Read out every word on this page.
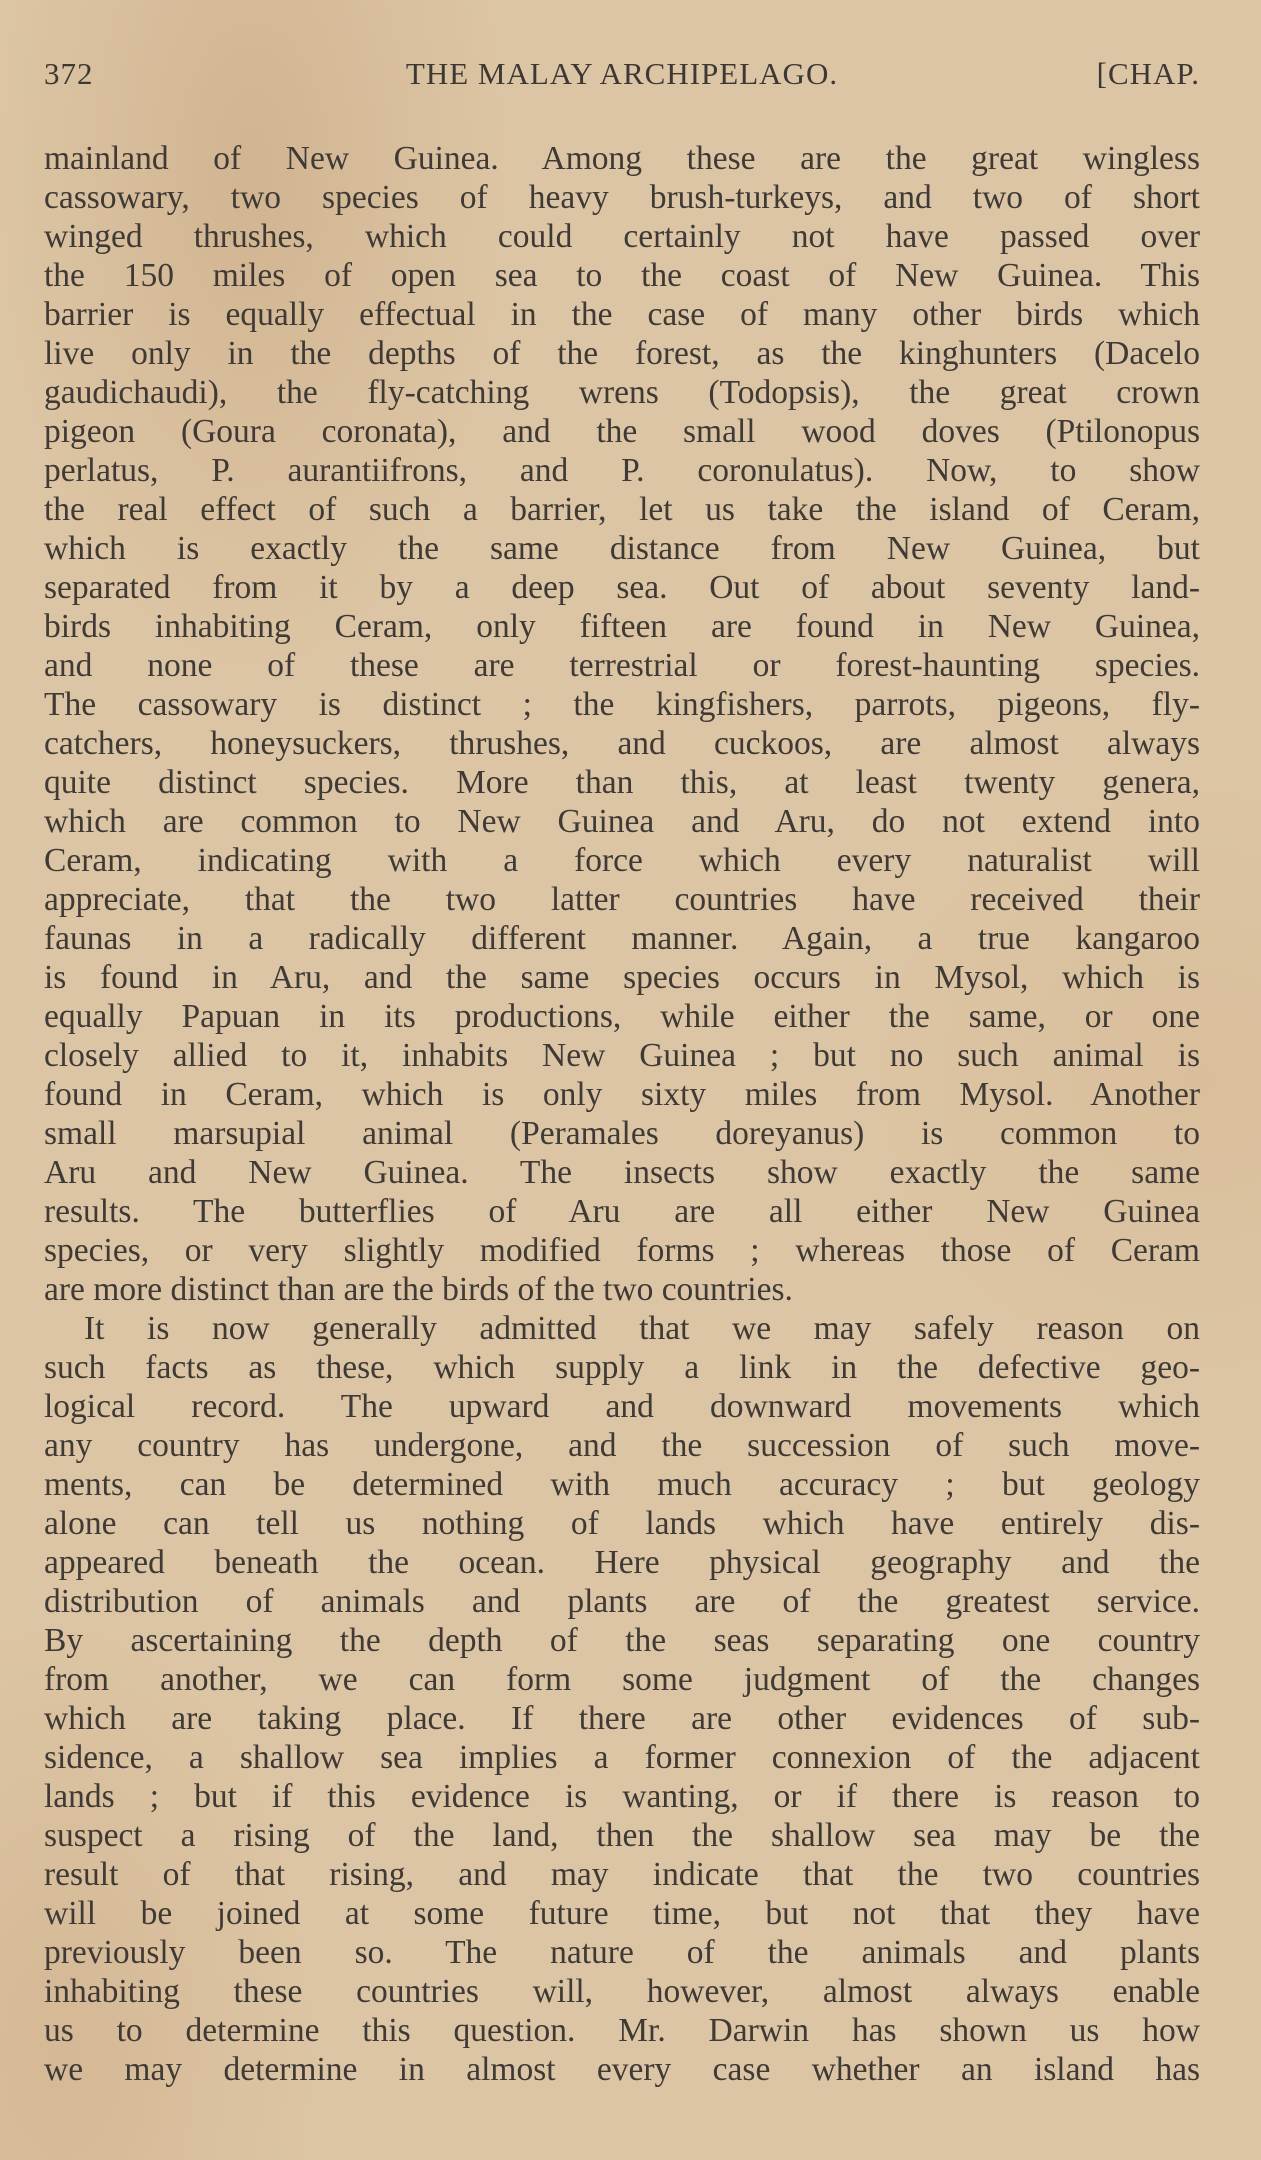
372	THE MALAY ARCHIPELAGO.	[CHAP.
mainland of New Guinea. Among these are the great wingless
cassowary, two species of heavy brush-turkeys, and two of short
winged thrushes, which could certainly not have passed over
the 150 miles of open sea to the coast of New Guinea. This
barrier is equally effectual in the case of many other birds which
live only in the depths of the forest, as the kinghunters (Dacelo
gaudichaudi), the fly-catching wrens (Todopsis), the great crown
pigeon (Goura coronata), and the small wood doves (Ptilonopus
perlatus, P. aurantiifrons, and P. coronulatus). Now, to show
the real effect of such a barrier, let us take the island of Ceram,
which is exactly the same distance from New Guinea, but
separated from it by a deep sea. Out of about seventy land-
birds inhabiting Ceram, only fifteen are found in New Guinea,
and none of these are terrestrial or forest-haunting species.
The cassowary is distinct ; the kingfishers, parrots, pigeons, fly-
catchers, honeysuckers, thrushes, and cuckoos, are almost always
quite distinct species. More than this, at least twenty genera,
which are common to New Guinea and Aru, do not extend into
Ceram, indicating with a force which every naturalist will
appreciate, that the two latter countries have received their
faunas in a radically different manner. Again, a true kangaroo
is found in Aru, and the same species occurs in Mysol, which is
equally Papuan in its productions, while either the same, or one
closely allied to it, inhabits New Guinea ; but no such animal is
found in Ceram, which is only sixty miles from Mysol. Another
small marsupial animal (Peramales doreyanus) is common to
Aru and New Guinea. The insects show exactly the same
results. The butterflies of Aru are all either New Guinea
species, or very slightly modified forms ; whereas those of Ceram
are more distinct than are the birds of the two countries.
It is now generally admitted that we may safely reason on
such facts as these, which supply a link in the defective geo-
logical record. The upward and downward movements which
any country has undergone, and the succession of such move-
ments, can be determined with much accuracy ; but geology
alone can tell us nothing of lands which have entirely dis-
appeared beneath the ocean. Here physical geography and the
distribution of animals and plants are of the greatest service.
By ascertaining the depth of the seas separating one country
from another, we can form some judgment of the changes
which are taking place. If there are other evidences of sub-
sidence, a shallow sea implies a former connexion of the adjacent
lands ; but if this evidence is wanting, or if there is reason to
suspect a rising of the land, then the shallow sea may be the
result of that rising, and may indicate that the two countries
will be joined at some future time, but not that they have
previously been so. The nature of the animals and plants
inhabiting these countries will, however, almost always enable
us to determine this question. Mr. Darwin has shown us how
we may determine in almost every case whether an island has
